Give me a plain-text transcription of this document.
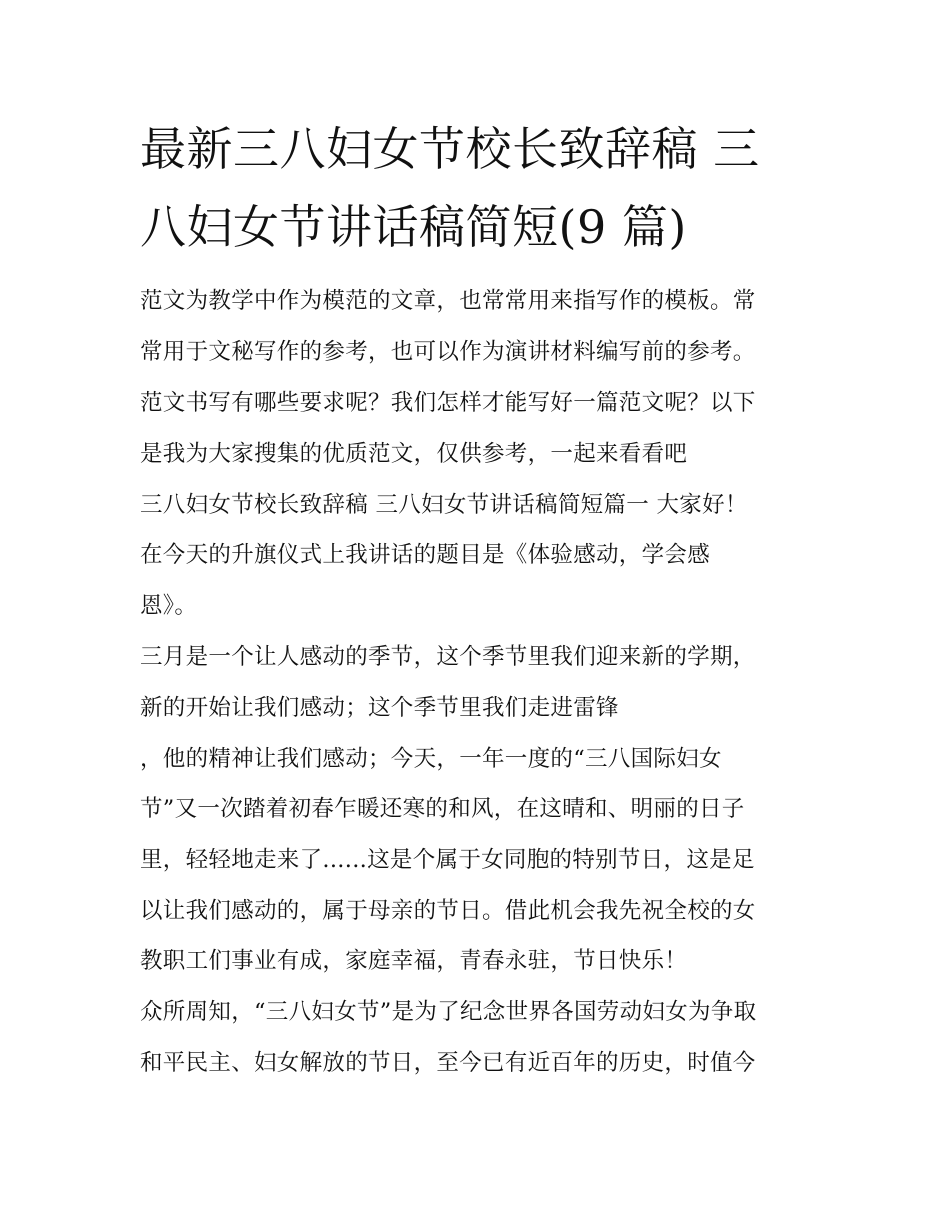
最新三八妇女节校长致辞稿 三
八妇女节讲话稿简短(9 篇)
范文为教学中作为模范的文章，也常常用来指写作的模板。常
常用于文秘写作的参考，也可以作为演讲材料编写前的参考。
范文书写有哪些要求呢？我们怎样才能写好一篇范文呢？以下
是我为大家搜集的优质范文，仅供参考，一起来看看吧
三八妇女节校长致辞稿 三八妇女节讲话稿简短篇一 大家好！
在今天的升旗仪式上我讲话的题目是《体验感动，学会感
恩》。
三月是一个让人感动的季节，这个季节里我们迎来新的学期，
新的开始让我们感动；这个季节里我们走进雷锋
，他的精神让我们感动；今天，一年一度的“三八国际妇女
节”又一次踏着初春乍暖还寒的和风，在这晴和、明丽的日子
里，轻轻地走来了......这是个属于女同胞的特别节日，这是足
以让我们感动的，属于母亲的节日。借此机会我先祝全校的女
教职工们事业有成，家庭幸福，青春永驻，节日快乐！
众所周知，“三八妇女节”是为了纪念世界各国劳动妇女为争取
和平民主、妇女解放的节日，至今已有近百年的历史，时值今
